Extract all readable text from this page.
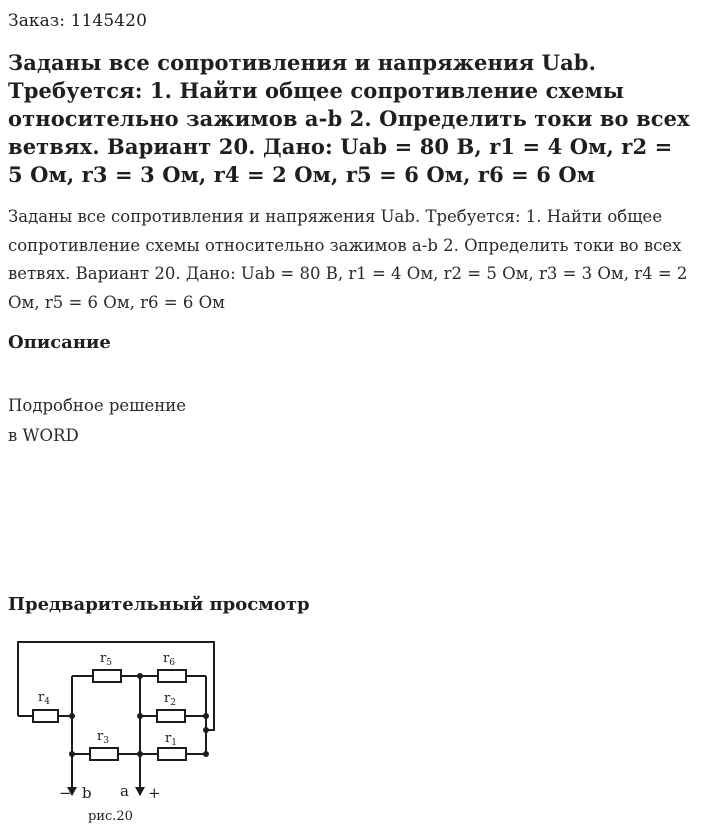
Заказ: 1145420
Заданы все сопротивления и напряжения Uab. Требуется: 1. Найти общее сопротивление схемы относительно зажимов a-b 2. Определить токи во всех ветвях. Вариант 20. Дано: Uab = 80 В, r1 = 4 Ом, r2 = 5 Ом, r3 = 3 Ом, r4 = 2 Ом, r5 = 6 Ом, r6 = 6 Ом
Заданы все сопротивления и напряжения Uab. Требуется: 1. Найти общее сопротивление схемы относительно зажимов a-b 2. Определить токи во всех ветвях. Вариант 20. Дано: Uab = 80 В, r1 = 4 Ом, r2 = 5 Ом, r3 = 3 Ом, r4 = 2 Ом, r5 = 6 Ом, r6 = 6 Ом
Описание
Подробное решение
в WORD
Предварительный просмотр
$r_4$
$r_5$	$r_6$
$r_2$
$r_3$	$r_1$
− b a +
рис.20
